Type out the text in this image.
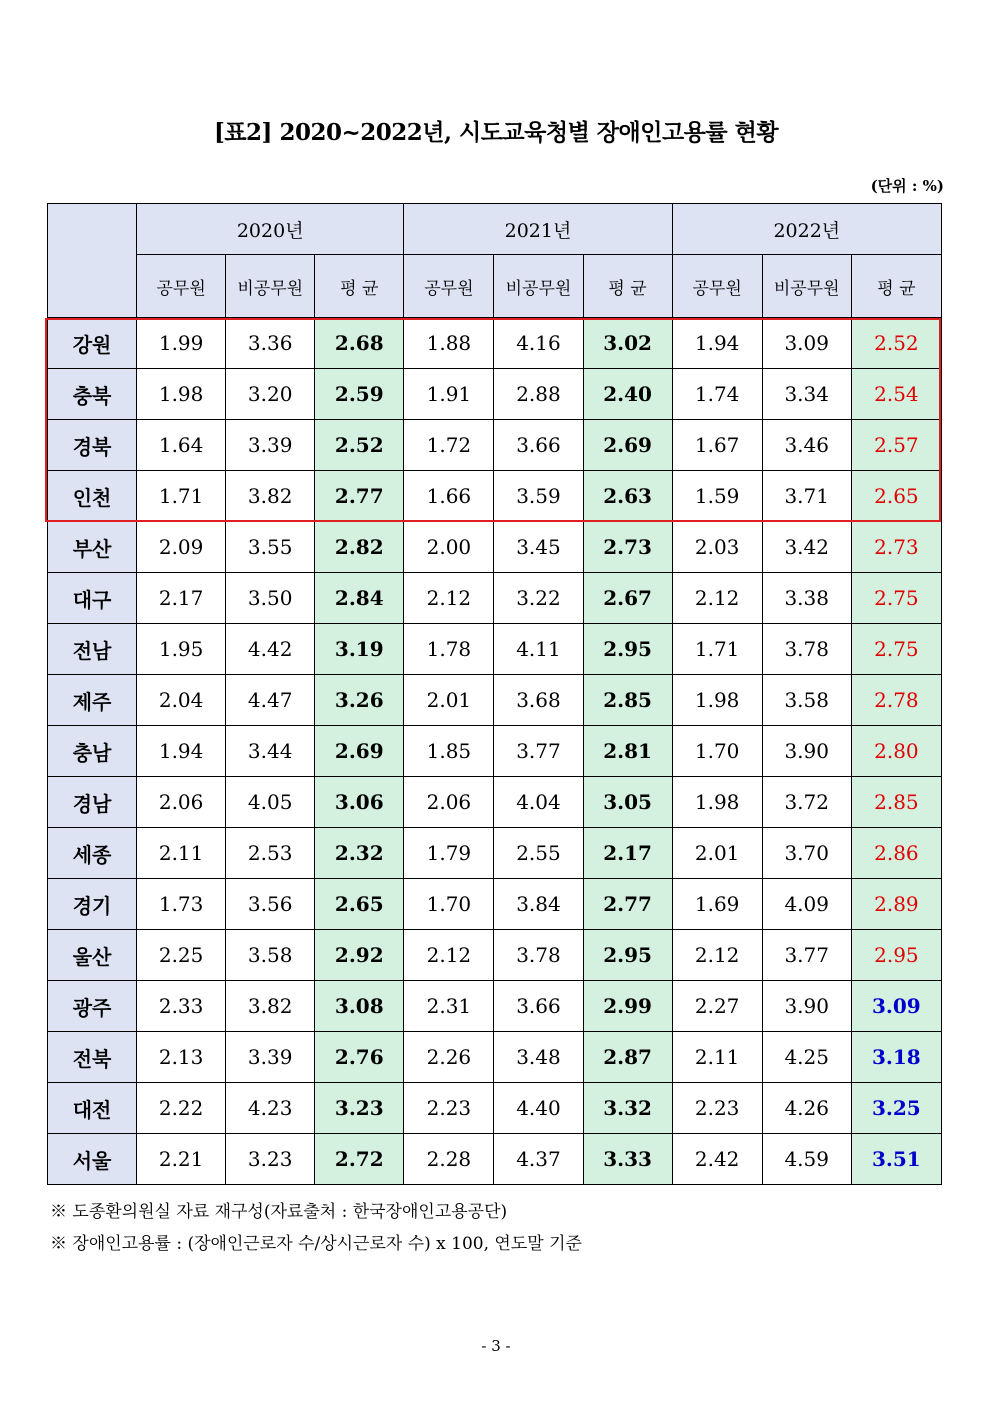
[표2] 2020~2022년, 시도교육청별 장애인고용률 현황
(단위 : %)
	2020년			2021년			2022년		
	공무원	비공무원	평 균	공무원	비공무원	평 균	공무원	비공무원	평 균
강원	1.99	3.36	2.68	1.88	4.16	3.02	1.94	3.09	2.52
충북	1.98	3.20	2.59	1.91	2.88	2.40	1.74	3.34	2.54
경북	1.64	3.39	2.52	1.72	3.66	2.69	1.67	3.46	2.57
인천	1.71	3.82	2.77	1.66	3.59	2.63	1.59	3.71	2.65
부산	2.09	3.55	2.82	2.00	3.45	2.73	2.03	3.42	2.73
대구	2.17	3.50	2.84	2.12	3.22	2.67	2.12	3.38	2.75
전남	1.95	4.42	3.19	1.78	4.11	2.95	1.71	3.78	2.75
제주	2.04	4.47	3.26	2.01	3.68	2.85	1.98	3.58	2.78
충남	1.94	3.44	2.69	1.85	3.77	2.81	1.70	3.90	2.80
경남	2.06	4.05	3.06	2.06	4.04	3.05	1.98	3.72	2.85
세종	2.11	2.53	2.32	1.79	2.55	2.17	2.01	3.70	2.86
경기	1.73	3.56	2.65	1.70	3.84	2.77	1.69	4.09	2.89
울산	2.25	3.58	2.92	2.12	3.78	2.95	2.12	3.77	2.95
광주	2.33	3.82	3.08	2.31	3.66	2.99	2.27	3.90	3.09
전북	2.13	3.39	2.76	2.26	3.48	2.87	2.11	4.25	3.18
대전	2.22	4.23	3.23	2.23	4.40	3.32	2.23	4.26	3.25
서울	2.21	3.23	2.72	2.28	4.37	3.33	2.42	4.59	3.51
※ 도종환의원실 자료 재구성(자료출처 : 한국장애인고용공단)
※ 장애인고용률 : (장애인근로자 수/상시근로자 수) x 100, 연도말 기준
- 3 -
